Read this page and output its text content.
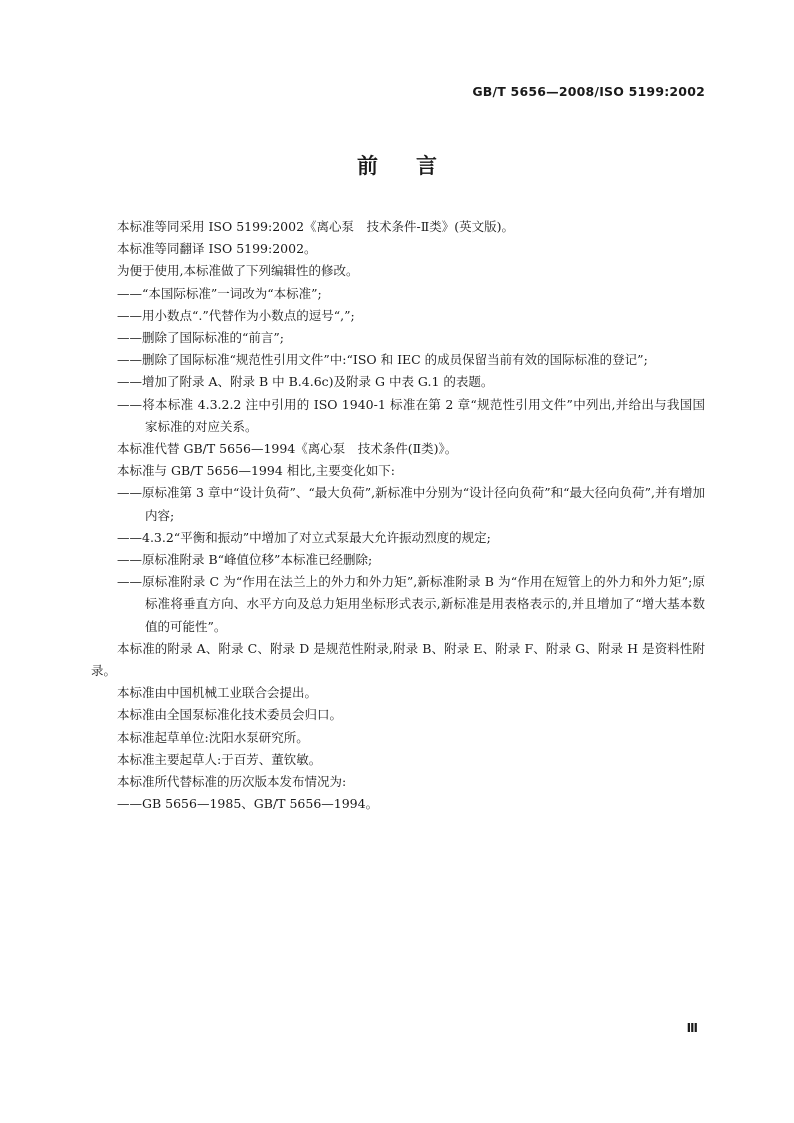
GB/T 5656—2008/ISO 5199:2002
前言

本标准等同采用 ISO 5199:2002《离心泵　技术条件-Ⅱ类》(英文版)。

本标准等同翻译 ISO 5199:2002。

为便于使用,本标准做了下列编辑性的修改。

——“本国际标准”一词改为“本标准”;

——用小数点“.”代替作为小数点的逗号“,”;

——删除了国际标准的“前言”;

——删除了国际标准“规范性引用文件”中:“ISO 和 IEC 的成员保留当前有效的国际标准的登记”;

——增加了附录 A、附录 B 中 B.4.6c)及附录 G 中表 G.1 的表题。

——将本标准 4.3.2.2 注中引用的 ISO 1940-1 标准在第 2 章“规范性引用文件”中列出,并给出与我国国家标准的对应关系。

本标准代替 GB/T 5656—1994《离心泵　技术条件(Ⅱ类)》。

本标准与 GB/T 5656—1994 相比,主要变化如下:

——原标准第 3 章中“设计负荷”、“最大负荷”,新标准中分别为“设计径向负荷”和“最大径向负荷”,并有增加内容;

——4.3.2“平衡和振动”中增加了对立式泵最大允许振动烈度的规定;

——原标准附录 B“峰值位移”本标准已经删除;

——原标准附录 C 为“作用在法兰上的外力和外力矩”,新标准附录 B 为“作用在短管上的外力和外力矩”;原标准将垂直方向、水平方向及总力矩用坐标形式表示,新标准是用表格表示的,并且增加了“增大基本数值的可能性”。

本标准的附录 A、附录 C、附录 D 是规范性附录,附录 B、附录 E、附录 F、附录 G、附录 H 是资料性附录。

本标准由中国机械工业联合会提出。

本标准由全国泵标准化技术委员会归口。

本标准起草单位:沈阳水泵研究所。

本标准主要起草人:于百芳、董钦敏。

本标准所代替标准的历次版本发布情况为:

——GB 5656—1985、GB/T 5656—1994。

Ⅲ
